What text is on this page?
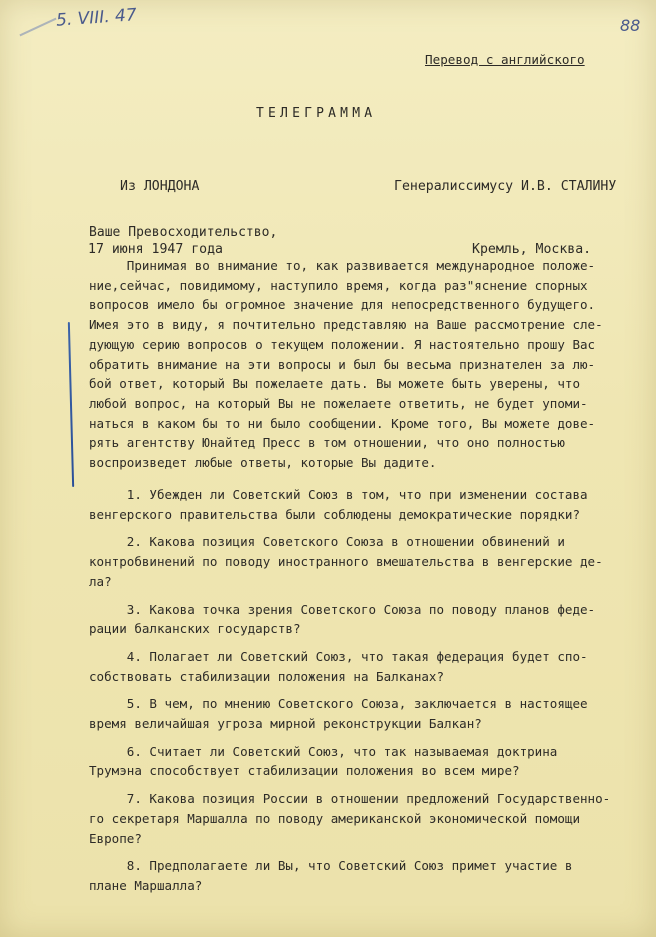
5. VIII. 47	88
Перевод с английского
ТЕЛЕГРАММА

Из ЛОНДОНА

17 июня 1947 года

Генералиссимусу И.В. СТАЛИНУ

Кремль, Москва.

Ваше Превосходительство,
Принимая во внимание то, как развивается международное положе-
ние,сейчас, повидимому, наступило время, когда раз"яснение спорных
вопросов имело бы огромное значение для непосредственного будущего.
Имея это в виду, я почтительно представляю на Ваше рассмотрение сле-
дующую серию вопросов о текущем положении. Я настоятельно прошу Вас
обратить внимание на эти вопросы и был бы весьма признателен за лю-
бой ответ, который Вы пожелаете дать. Вы можете быть уверены, что
любой вопрос, на который Вы не пожелаете ответить, не будет упоми-
наться в каком бы то ни было сообщении. Кроме того, Вы можете дове-
рять агентству Юнайтед Пресс в том отношении, что оно полностью
воспроизведет любые ответы, которые Вы дадите.
1. Убежден ли Советский Союз в том, что при изменении состава
венгерского правительства были соблюдены демократические порядки?
2. Какова позиция Советского Союза в отношении обвинений и
контробвинений по поводу иностранного вмешательства в венгерские де-
ла?
3. Какова точка зрения Советского Союза по поводу планов феде-
рации балканских государств?
4. Полагает ли Советский Союз, что такая федерация будет спо-
собствовать стабилизации положения на Балканах?
5. В чем, по мнению Советского Союза, заключается в настоящее
время величайшая угроза мирной реконструкции Балкан?
6. Считает ли Советский Союз, что так называемая доктрина
Трумэна способствует стабилизации положения во всем мире?
7. Какова позиция России в отношении предложений Государственно-
го секретаря Маршалла по поводу американской экономической помощи
Европе?
8. Предполагаете ли Вы, что Советский Союз примет участие в
плане Маршалла?
